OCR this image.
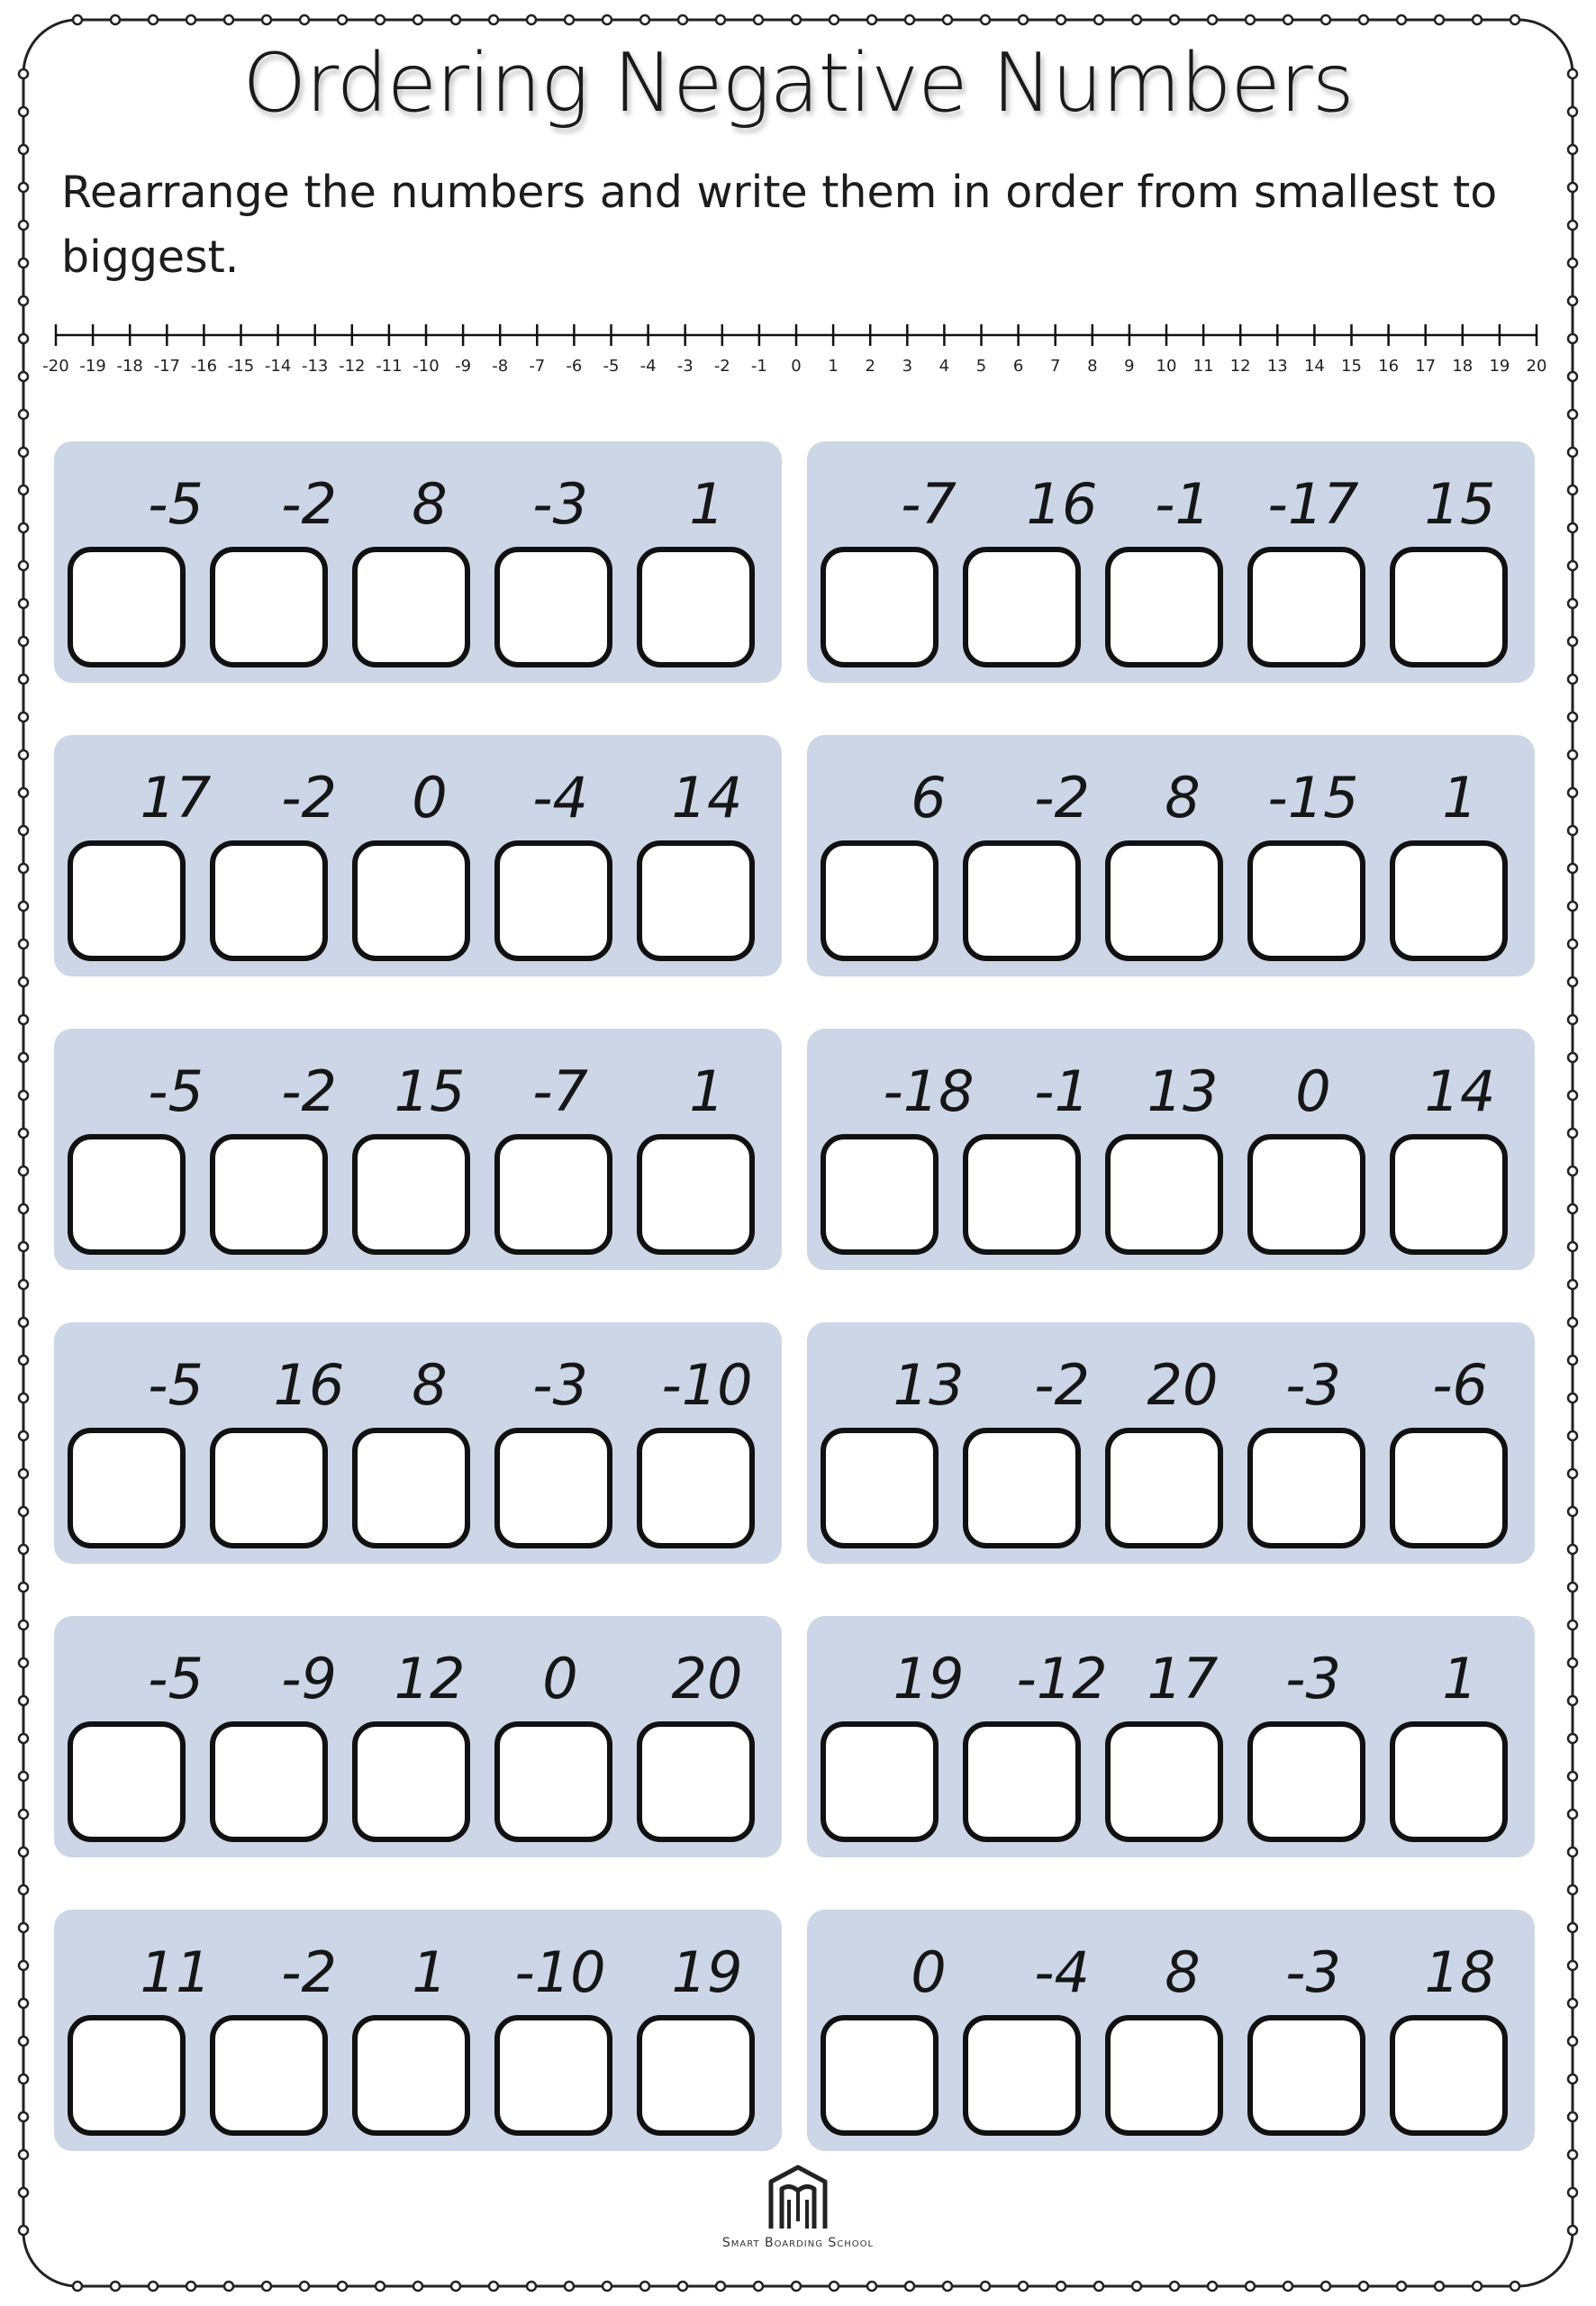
Ordering Negative Numbers

Rearrange the numbers and write them in order from smallest to biggest.

-20 -19 -18 -17 -16 -15 -14 -13 -12 -11 -10 -9 -8 -7 -6 -5 -4 -3 -2 -1 0 1 2 3 4 5 6 7 8 9 10 11 12 13 14 15 16 17 18 19 20
-5	-2	8	-3	1	-7	16	-1	-17	15
17	-2	0	-4	14	6	-2	8	-15	1
-5	-2	15	-7	1	-18	-1	13	0	14
-5	16	8	-3	-10	13	-2	20	-3	-6
-5	-9	12	0	20	19 -12 17	-3	1
11	-2	1	-10	19	0	-4	8	-3	18
Smart Boarding School
